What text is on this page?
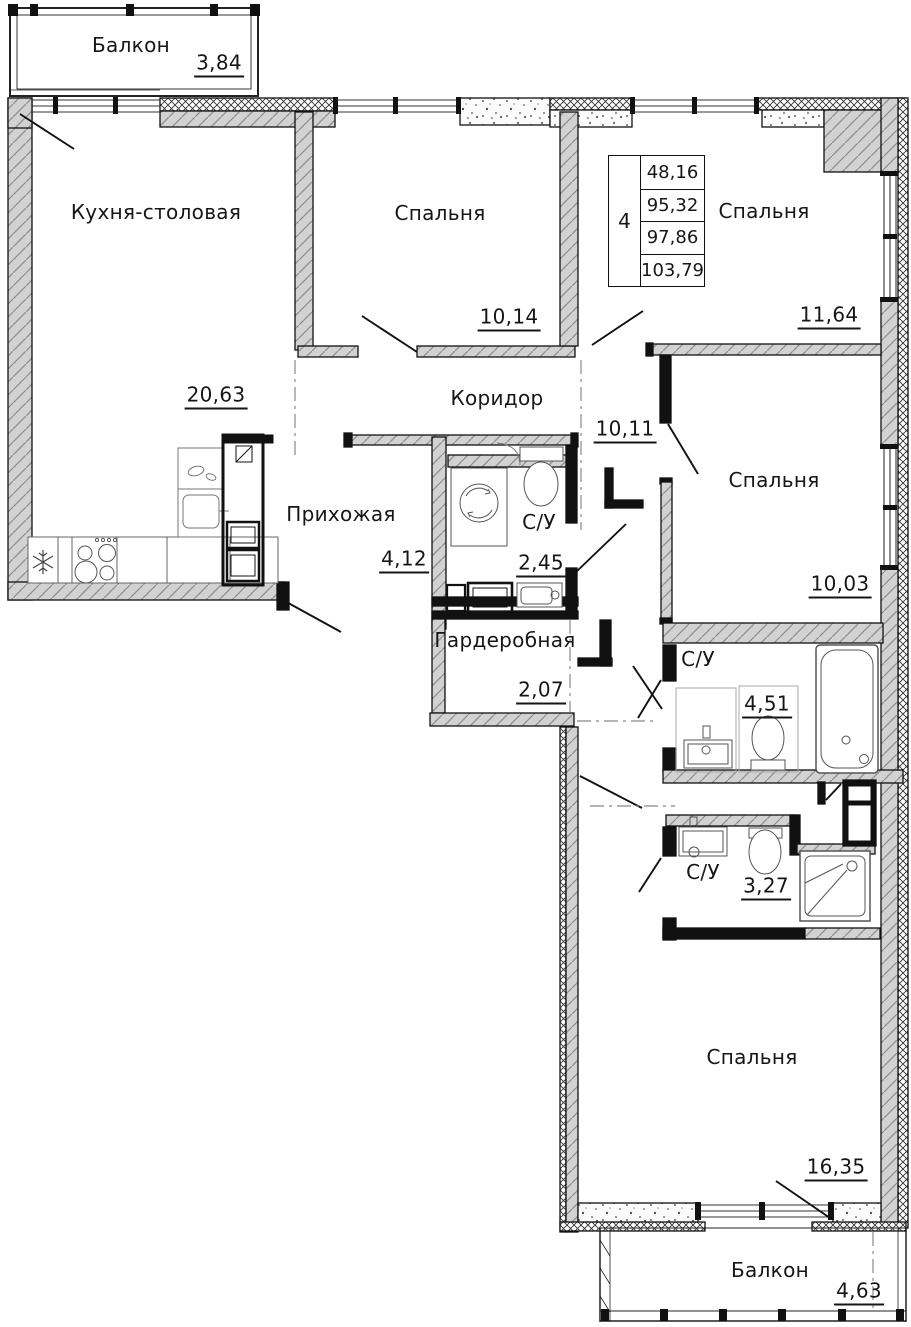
Балкон
3,84
Кухня-столовая
20,63
Спальня
10,14
Спальня
11,64
Коридор
10,11
Прихожая
4,12
С/У
2,45
Спальня
10,03
Гардеробная
2,07
С/У
4,51
С/У
3,27
Спальня
16,35
Балкон
4,63
4
48,16
95,32
97,86
103,79
